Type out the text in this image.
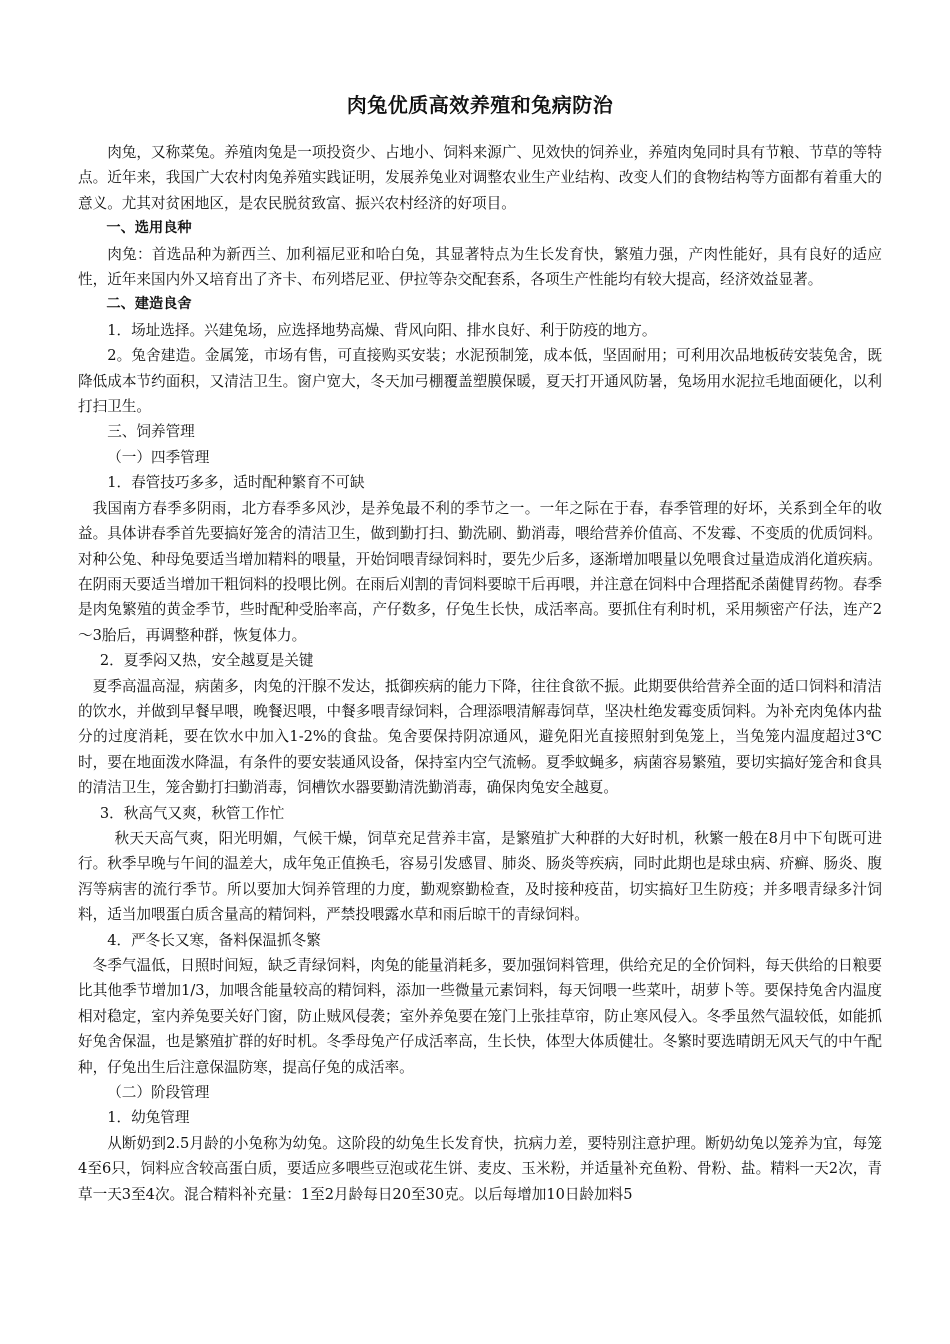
肉兔优质高效养殖和兔病防治

肉兔，又称菜兔。养殖肉兔是一项投资少、占地小、饲料来源广、见效快的饲养业，养殖肉兔同时具有节粮、节草的等特点。近年来，我国广大农村肉兔养殖实践证明，发展养兔业对调整农业生产业结构、改变人们的食物结构等方面都有着重大的意义。尤其对贫困地区，是农民脱贫致富、振兴农村经济的好项目。

一、选用良种

肉兔：首选品种为新西兰、加利福尼亚和哈白兔，其显著特点为生长发育快，繁殖力强，产肉性能好，具有良好的适应性，近年来国内外又培育出了齐卡、布列塔尼亚、伊拉等杂交配套系，各项生产性能均有较大提高，经济效益显著。

二、建造良舍

1．场址选择。兴建兔场，应选择地势高燥、背风向阳、排水良好、利于防疫的地方。

2。兔舍建造。金属笼，市场有售，可直接购买安装；水泥预制笼，成本低，坚固耐用；可利用次品地板砖安装兔舍，既降低成本节约面积，又清洁卫生。窗户宽大，冬天加弓棚覆盖塑膜保暖，夏天打开通风防暑，兔场用水泥拉毛地面硬化，以利打扫卫生。

三、饲养管理

（一）四季管理

1．春管技巧多多，适时配种繁育不可缺

我国南方春季多阴雨，北方春季多风沙，是养兔最不利的季节之一。一年之际在于春，春季管理的好坏，关系到全年的收益。具体讲春季首先要搞好笼舍的清洁卫生，做到勤打扫、勤洗刷、勤消毒，喂给营养价值高、不发霉、不变质的优质饲料。对种公兔、种母兔要适当增加精料的喂量，开始饲喂青绿饲料时，要先少后多，逐渐增加喂量以免喂食过量造成消化道疾病。在阴雨天要适当增加干粗饲料的投喂比例。在雨后刈割的青饲料要晾干后再喂，并注意在饲料中合理搭配杀菌健胃药物。春季是肉兔繁殖的黄金季节，些时配种受胎率高，产仔数多，仔兔生长快，成活率高。要抓住有利时机，采用频密产仔法，连产2～3胎后，再调整种群，恢复体力。

2．夏季闷又热，安全越夏是关键

夏季高温高湿，病菌多，肉兔的汗腺不发达，抵御疾病的能力下降，往往食欲不振。此期要供给营养全面的适口饲料和清洁的饮水，并做到早餐早喂，晚餐迟喂，中餐多喂青绿饲料，合理添喂清解毒饲草，坚决杜绝发霉变质饲料。为补充肉兔体内盐分的过度消耗，要在饮水中加入1-2%的食盐。兔舍要保持阴凉通风，避免阳光直接照射到兔笼上，当兔笼内温度超过3℃时，要在地面泼水降温，有条件的要安装通风设备，保持室内空气流畅。夏季蚊蝇多，病菌容易繁殖，要切实搞好笼舍和食具的清洁卫生，笼舍勤打扫勤消毒，饲槽饮水器要勤清洗勤消毒，确保肉兔安全越夏。

3．秋高气又爽，秋管工作忙

秋天天高气爽，阳光明媚，气候干燥，饲草充足营养丰富，是繁殖扩大种群的大好时机，秋繁一般在8月中下旬既可进行。秋季早晚与午间的温差大，成年兔正值换毛，容易引发感冒、肺炎、肠炎等疾病，同时此期也是球虫病、疥癣、肠炎、腹泻等病害的流行季节。所以要加大饲养管理的力度，勤观察勤检查，及时接种疫苗，切实搞好卫生防疫；并多喂青绿多汁饲料，适当加喂蛋白质含量高的精饲料，严禁投喂露水草和雨后晾干的青绿饲料。

4．严冬长又寒，备料保温抓冬繁

冬季气温低，日照时间短，缺乏青绿饲料，肉兔的能量消耗多，要加强饲料管理，供给充足的全价饲料，每天供给的日粮要比其他季节增加1/3，加喂含能量较高的精饲料，添加一些微量元素饲料，每天饲喂一些菜叶，胡萝卜等。要保持兔舍内温度相对稳定，室内养兔要关好门窗，防止贼风侵袭；室外养兔要在笼门上张挂草帘，防止寒风侵入。冬季虽然气温较低，如能抓好兔舍保温，也是繁殖扩群的好时机。冬季母兔产仔成活率高，生长快，体型大体质健壮。冬繁时要选晴朗无风天气的中午配种，仔兔出生后注意保温防寒，提高仔兔的成活率。

（二）阶段管理

1．幼兔管理

从断奶到2.5月龄的小兔称为幼兔。这阶段的幼兔生长发育快，抗病力差，要特别注意护理。断奶幼兔以笼养为宜，每笼4至6只，饲料应含较高蛋白质，要适应多喂些豆泡或花生饼、麦皮、玉米粉，并适量补充鱼粉、骨粉、盐。精料一天2次，青草一天3至4次。混合精料补充量：1至2月龄每日20至30克。以后每增加10日龄加料5
